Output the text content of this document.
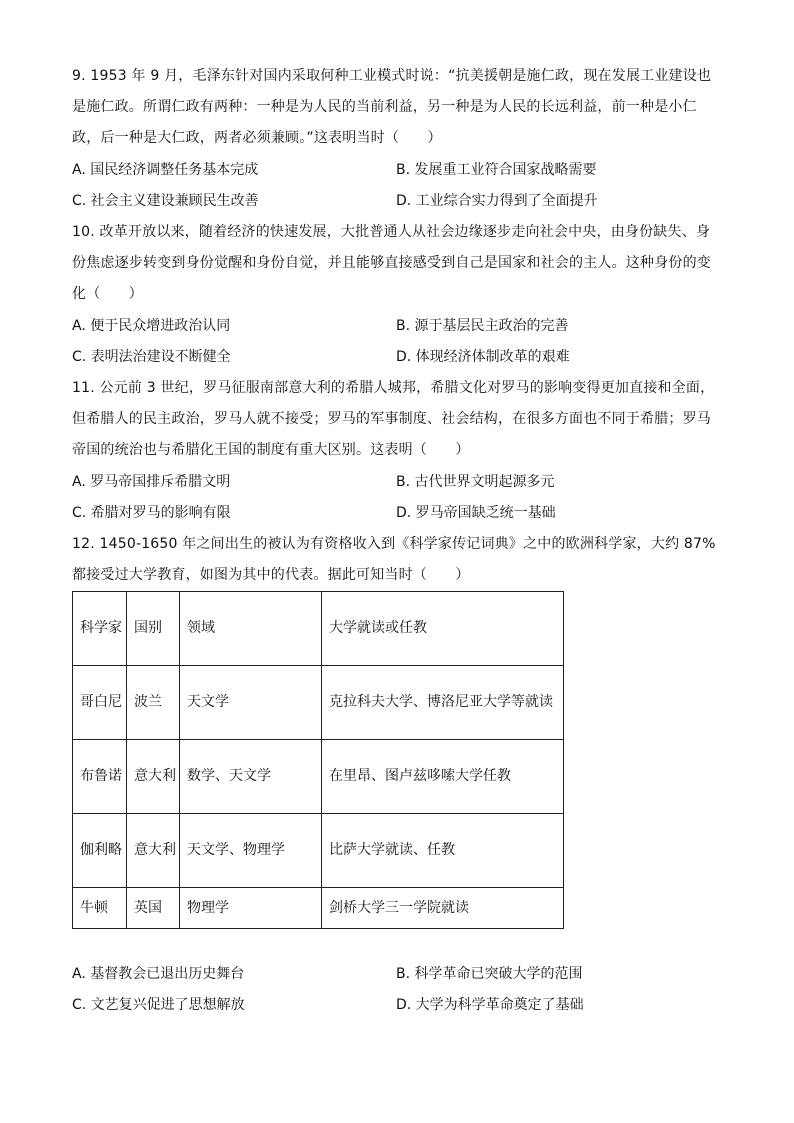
9. 1953 年 9 月，毛泽东针对国内采取何种工业模式时说：“抗美援朝是施仁政，现在发展工业建设也是施仁政。所谓仁政有两种：一种是为人民的当前利益，另一种是为人民的长远利益，前一种是小仁政，后一种是大仁政，两者必须兼顾。”这表明当时（　　）
A. 国民经济调整任务基本完成	B. 发展重工业符合国家战略需要
C. 社会主义建设兼顾民生改善	D. 工业综合实力得到了全面提升
10. 改革开放以来，随着经济的快速发展，大批普通人从社会边缘逐步走向社会中央，由身份缺失、身份焦虑逐步转变到身份觉醒和身份自觉，并且能够直接感受到自己是国家和社会的主人。这种身份的变化（　　）
A. 便于民众增进政治认同	B. 源于基层民主政治的完善
C. 表明法治建设不断健全	D. 体现经济体制改革的艰难
11. 公元前 3 世纪，罗马征服南部意大利的希腊人城邦，希腊文化对罗马的影响变得更加直接和全面，但希腊人的民主政治，罗马人就不接受；罗马的军事制度、社会结构，在很多方面也不同于希腊；罗马帝国的统治也与希腊化王国的制度有重大区别。这表明（　　）
A. 罗马帝国排斥希腊文明	B. 古代世界文明起源多元
C. 希腊对罗马的影响有限	D. 罗马帝国缺乏统一基础
12. 1450-1650 年之间出生的被认为有资格收入到《科学家传记词典》之中的欧洲科学家，大约 87%都接受过大学教育，如图为其中的代表。据此可知当时（　　）
科学家	国别	领域	大学就读或任教
哥白尼	波兰	天文学	克拉科夫大学、博洛尼亚大学等就读
布鲁诺	意大利	数学、天文学	在里昂、图卢兹哆嗦大学任教
伽利略	意大利	天文学、物理学	比萨大学就读、任教
牛顿	英国	物理学	剑桥大学三一学院就读
A. 基督教会已退出历史舞台	B. 科学革命已突破大学的范围
C. 文艺复兴促进了思想解放	D. 大学为科学革命奠定了基础
